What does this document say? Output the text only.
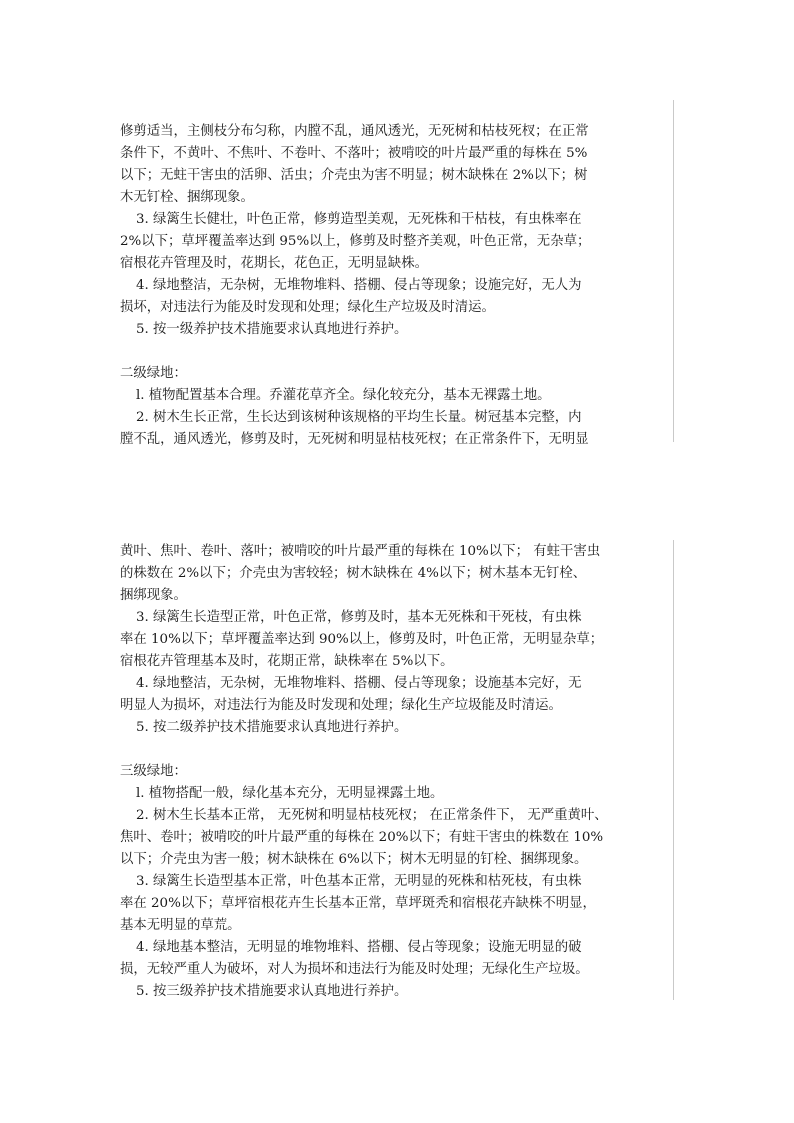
修剪适当，主侧枝分布匀称，内膛不乱，通风透光，无死树和枯枝死杈；在正常
条件下，不黄叶、不焦叶、不卷叶、不落叶；被啃咬的叶片最严重的每株在 5%
以下；无蛀干害虫的活卵、活虫；介壳虫为害不明显；树木缺株在 2%以下；树
木无钉栓、捆绑现象。
3. 绿篱生长健壮，叶色正常，修剪造型美观，无死株和干枯枝，有虫株率在
2%以下；草坪覆盖率达到 95%以上，修剪及时整齐美观，叶色正常，无杂草；
宿根花卉管理及时，花期长，花色正，无明显缺株。
4. 绿地整洁，无杂树，无堆物堆料、搭棚、侵占等现象；设施完好，无人为
损坏，对违法行为能及时发现和处理；绿化生产垃圾及时清运。
5. 按一级养护技术措施要求认真地进行养护。
二级绿地：
l. 植物配置基本合理。乔灌花草齐全。绿化较充分，基本无裸露土地。
2. 树木生长正常，生长达到该树种该规格的平均生长量。树冠基本完整，内
膛不乱，通风透光，修剪及时，无死树和明显枯枝死杈；在正常条件下，无明显
黄叶、焦叶、卷叶、落叶；被啃咬的叶片最严重的每株在 10%以下； 有蛀干害虫
的株数在 2%以下；介壳虫为害较轻；树木缺株在 4%以下；树木基本无钉栓、
捆绑现象。
3. 绿篱生长造型正常，叶色正常，修剪及时，基本无死株和干死枝，有虫株
率在 10%以下；草坪覆盖率达到 90%以上，修剪及时，叶色正常，无明显杂草；
宿根花卉管理基本及时，花期正常，缺株率在 5%以下。
4. 绿地整洁，无杂树，无堆物堆料、搭棚、侵占等现象；设施基本完好，无
明显人为损坏，对违法行为能及时发现和处理；绿化生产垃圾能及时清运。
5. 按二级养护技术措施要求认真地进行养护。
三级绿地：
l. 植物搭配一般，绿化基本充分，无明显裸露土地。
2. 树木生长基本正常， 无死树和明显枯枝死杈； 在正常条件下， 无严重黄叶、
焦叶、卷叶；被啃咬的叶片最严重的每株在 20%以下；有蛀干害虫的株数在 10%
以下；介壳虫为害一般；树木缺株在 6%以下；树木无明显的钉栓、捆绑现象。
3. 绿篱生长造型基本正常，叶色基本正常，无明显的死株和枯死枝，有虫株
率在 20%以下；草坪宿根花卉生长基本正常，草坪斑秃和宿根花卉缺株不明显，
基本无明显的草荒。
4. 绿地基本整洁，无明显的堆物堆料、搭棚、侵占等现象；设施无明显的破
损，无较严重人为破坏，对人为损坏和违法行为能及时处理；无绿化生产垃圾。
5. 按三级养护技术措施要求认真地进行养护。
